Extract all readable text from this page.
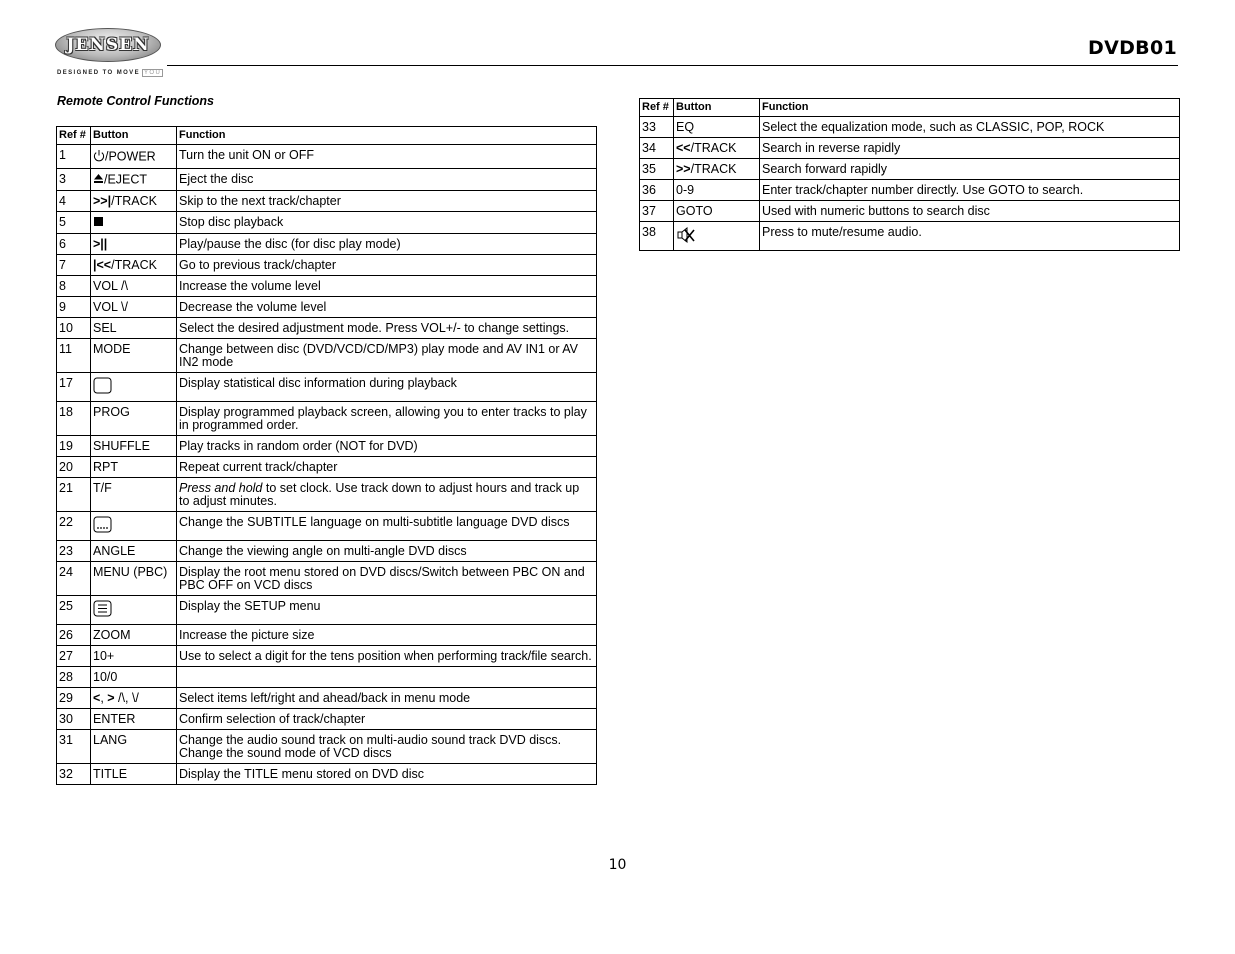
JENSEN
DESIGNED TO MOVE YOU
DVDB01
Remote Control Functions
Ref #	Button	Function
1	/POWER	Turn the unit ON or OFF
3	/EJECT	Eject the disc
4	>>|/TRACK	Skip to the next track/chapter
5		Stop disc playback
6	>||	Play/pause the disc (for disc play mode)
7	|<</TRACK	Go to previous track/chapter
8	VOL /\	Increase the volume level
9	VOL \/	Decrease the volume level
10	SEL	Select the desired adjustment mode. Press VOL+/- to change settings.
11	MODE	Change between disc (DVD/VCD/CD/MP3) play mode and AV IN1 or AV IN2 mode
17		Display statistical disc information during playback
18	PROG	Display programmed playback screen, allowing you to enter tracks to play in programmed order.
19	SHUFFLE	Play tracks in random order (NOT for DVD)
20	RPT	Repeat current track/chapter
21	T/F	Press and hold to set clock. Use track down to adjust hours and track up to adjust minutes.
22		Change the SUBTITLE language on multi-subtitle language DVD discs
23	ANGLE	Change the viewing angle on multi-angle DVD discs
24	MENU (PBC)	Display the root menu stored on DVD discs/Switch between PBC ON and PBC OFF on VCD discs
25		Display the SETUP menu
26	ZOOM	Increase the picture size
27	10+	Use to select a digit for the tens position when performing track/file search.
28	10/0	
29	<, > /\, \/	Select items left/right and ahead/back in menu mode
30	ENTER	Confirm selection of track/chapter
31	LANG	Change the audio sound track on multi-audio sound track DVD discs. Change the sound mode of VCD discs
32	TITLE	Display the TITLE menu stored on DVD disc
Ref #	Button	Function
33	EQ	Select the equalization mode, such as CLASSIC, POP, ROCK
34	<</TRACK	Search in reverse rapidly
35	>>/TRACK	Search forward rapidly
36	0-9	Enter track/chapter number directly. Use GOTO to search.
37	GOTO	Used with numeric buttons to search disc
38		Press to mute/resume audio.
10
